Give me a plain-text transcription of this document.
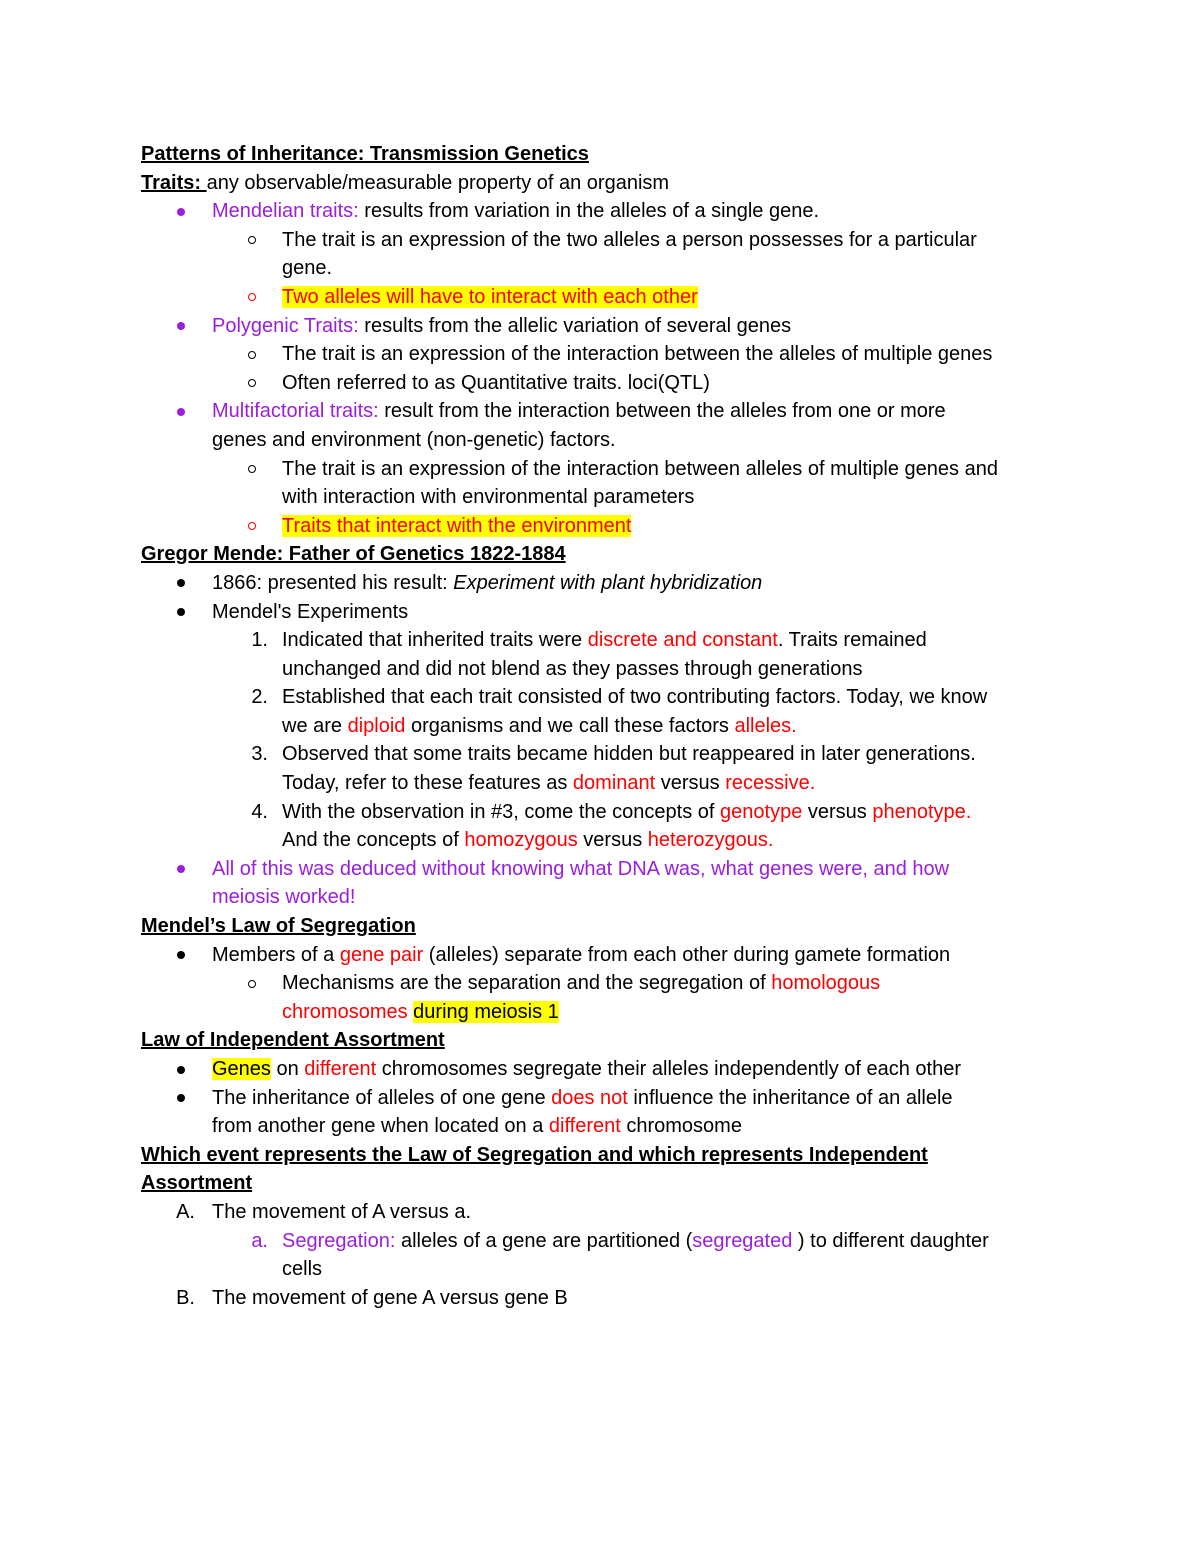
Patterns of Inheritance: Transmission Genetics
Traits: any observable/measurable property of an organism
Mendelian traits: results from variation in the alleles of a single gene.
The trait is an expression of the two alleles a person possesses for a particular
gene.
Two alleles will have to interact with each other
Polygenic Traits: results from the allelic variation of several genes
The trait is an expression of the interaction between the alleles of multiple genes
Often referred to as Quantitative traits. loci(QTL)
Multifactorial traits: result from the interaction between the alleles from one or more
genes and environment (non-genetic) factors.
The trait is an expression of the interaction between alleles of multiple genes and
with interaction with environmental parameters
Traits that interact with the environment
Gregor Mende: Father of Genetics 1822-1884
1866: presented his result: Experiment with plant hybridization
Mendel's Experiments
1. Indicated that inherited traits were discrete and constant. Traits remained
unchanged and did not blend as they passes through generations
2. Established that each trait consisted of two contributing factors. Today, we know
we are diploid organisms and we call these factors alleles.
3. Observed that some traits became hidden but reappeared in later generations.
Today, refer to these features as dominant versus recessive.
4. With the observation in #3, come the concepts of genotype versus phenotype.
And the concepts of homozygous versus heterozygous.
All of this was deduced without knowing what DNA was, what genes were, and how
meiosis worked!
Mendel’s Law of Segregation
Members of a gene pair (alleles) separate from each other during gamete formation
Mechanisms are the separation and the segregation of homologous
chromosomes during meiosis 1
Law of Independent Assortment
Genes on different chromosomes segregate their alleles independently of each other
The inheritance of alleles of one gene does not influence the inheritance of an allele
from another gene when located on a different chromosome
Which event represents the Law of Segregation and which represents Independent
Assortment
A. The movement of A versus a.
a. Segregation: alleles of a gene are partitioned (segregated ) to different daughter
cells
B. The movement of gene A versus gene B
